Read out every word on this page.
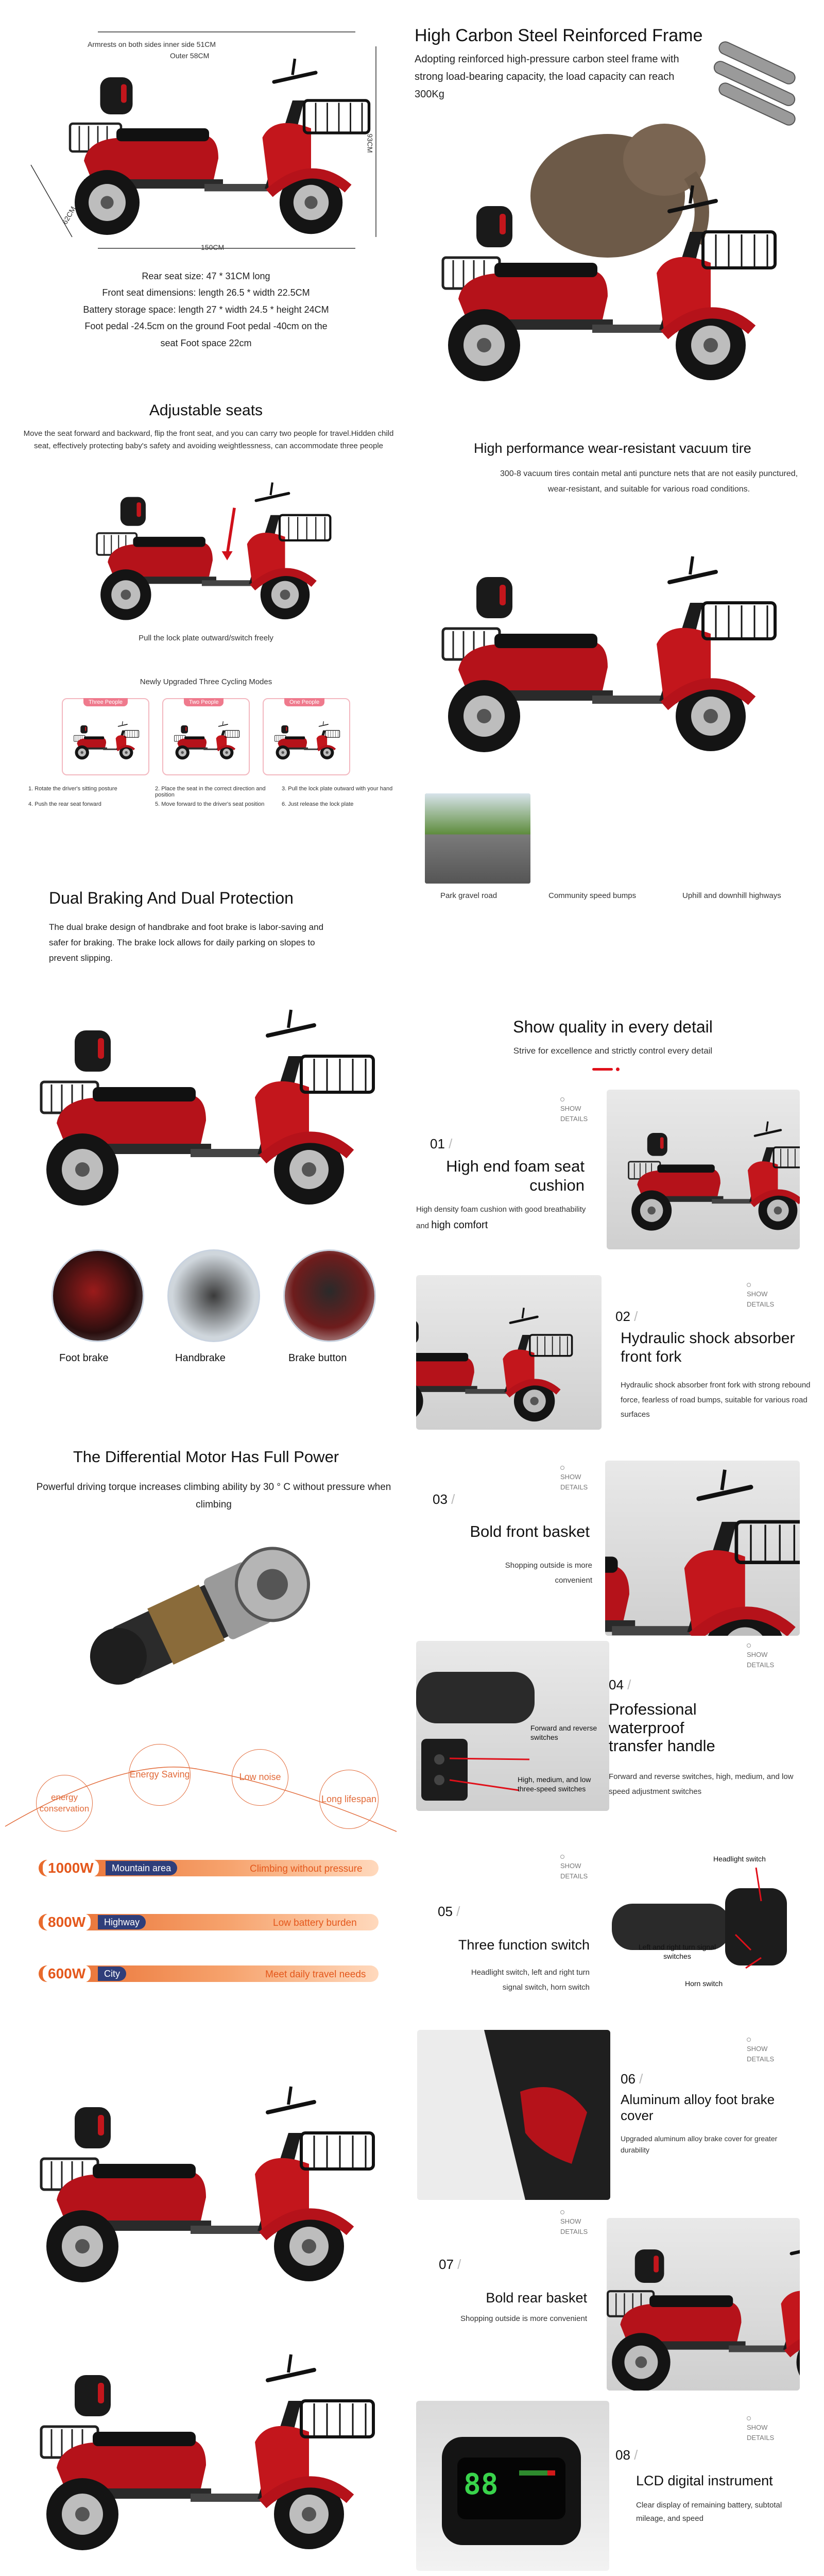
Armrests on both sides inner side 51CM
Outer 58CM
93CM
62CM
150CM
Rear seat size: 47 * 31CM long
Front seat dimensions: length 26.5 * width 22.5CM
Battery storage space: length 27 * width 24.5 * height 24CM
Foot pedal -24.5cm on the ground Foot pedal -40cm on the seat Foot space 22cm
High Carbon Steel Reinforced Frame
Adopting reinforced high-pressure carbon steel frame with strong load-bearing capacity, the load capacity can reach 300Kg
Adjustable seats
Move the seat forward and backward, flip the front seat, and you can carry two people for travel.Hidden child seat, effectively protecting baby's safety and avoiding weightlessness, can accommodate three people
Pull the lock plate outward/switch freely
Newly Upgraded Three Cycling Modes
Three People	Two People	One People
1. Rotate the driver's sitting posture	2. Place the seat in the correct direction and position
3. Pull the lock plate outward with your hand
4. Push the rear seat forward	5. Move forward to the driver's seat position	6. Just release the lock plate
High performance wear-resistant vacuum tire
300-8 vacuum tires contain metal anti puncture nets that are not easily punctured, wear-resistant, and suitable for various road conditions.
Park gravel road	Community speed bumps	Uphill and downhill highways
Dual Braking And Dual Protection
The dual brake design of handbrake and foot brake is labor-saving and safer for braking. The brake lock allows for daily parking on slopes to prevent slipping.
Foot brake	Handbrake	Brake button
Show quality in every detail
Strive for excellence and strictly control every detail
SHOW
DETAILS
01 /
High end foam seat cushion
High density foam cushion with good breathability and high comfort
SHOW
DETAILS
02 /
Hydraulic shock absorber front fork
Hydraulic shock absorber front fork with strong rebound force, fearless of road bumps, suitable for various road surfaces
SHOW
DETAILS
03 /
Bold front basket
Shopping outside is more convenient
Forward and reverse switches
High, medium, and low three-speed switches
SHOW
DETAILS
04 /
Professional waterproof transfer handle
Forward and reverse switches, high, medium, and low speed adjustment switches
SHOW
DETAILS
05 /
Three function switch
Headlight switch, left and right turn signal switch, horn switch
Headlight switch
Left and right turn signal switches
Horn switch
SHOW
DETAILS
06 /
Aluminum alloy foot brake cover
Upgraded aluminum alloy brake cover for greater durability
SHOW
DETAILS
07 /
Bold rear basket
Shopping outside is more convenient
88
SHOW
DETAILS
08 /
LCD digital instrument
Clear display of remaining battery, subtotal mileage, and speed
The Differential Motor Has Full Power
Powerful driving torque increases climbing ability by 30 ° C without pressure when climbing
energy conservation
Energy Saving	Low noise
Long lifespan
1000W	Mountain area	Climbing without pressure
800W	Highway	Low battery burden
600W	City	Meet daily travel needs
